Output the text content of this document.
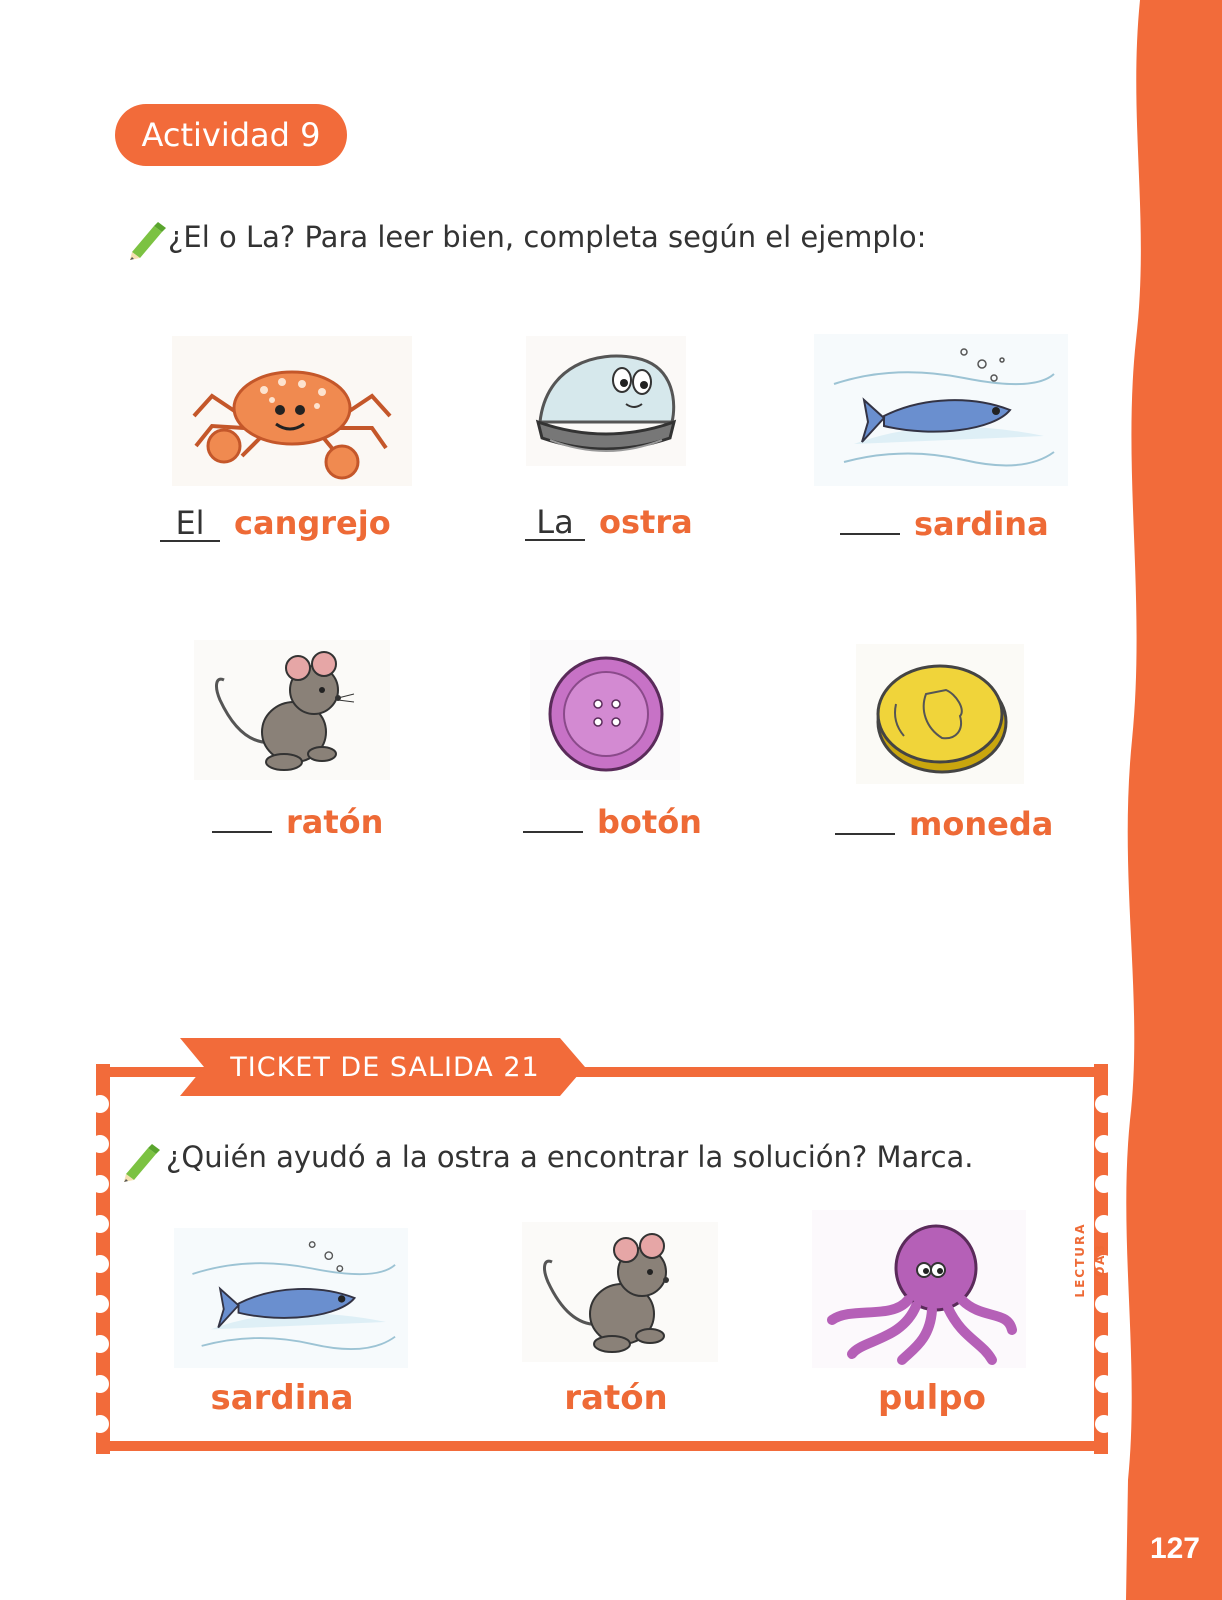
127
Actividad 9
¿El o La? Para leer bien, completa según el ejemplo:
El cangrejo	La ostra	sardina
ratón	botón	moneda
TICKET DE SALIDA 21
¿Quién ayudó a la ostra a encontrar la solución? Marca.
LECTURA OA8
sardina	ratón	pulpo
